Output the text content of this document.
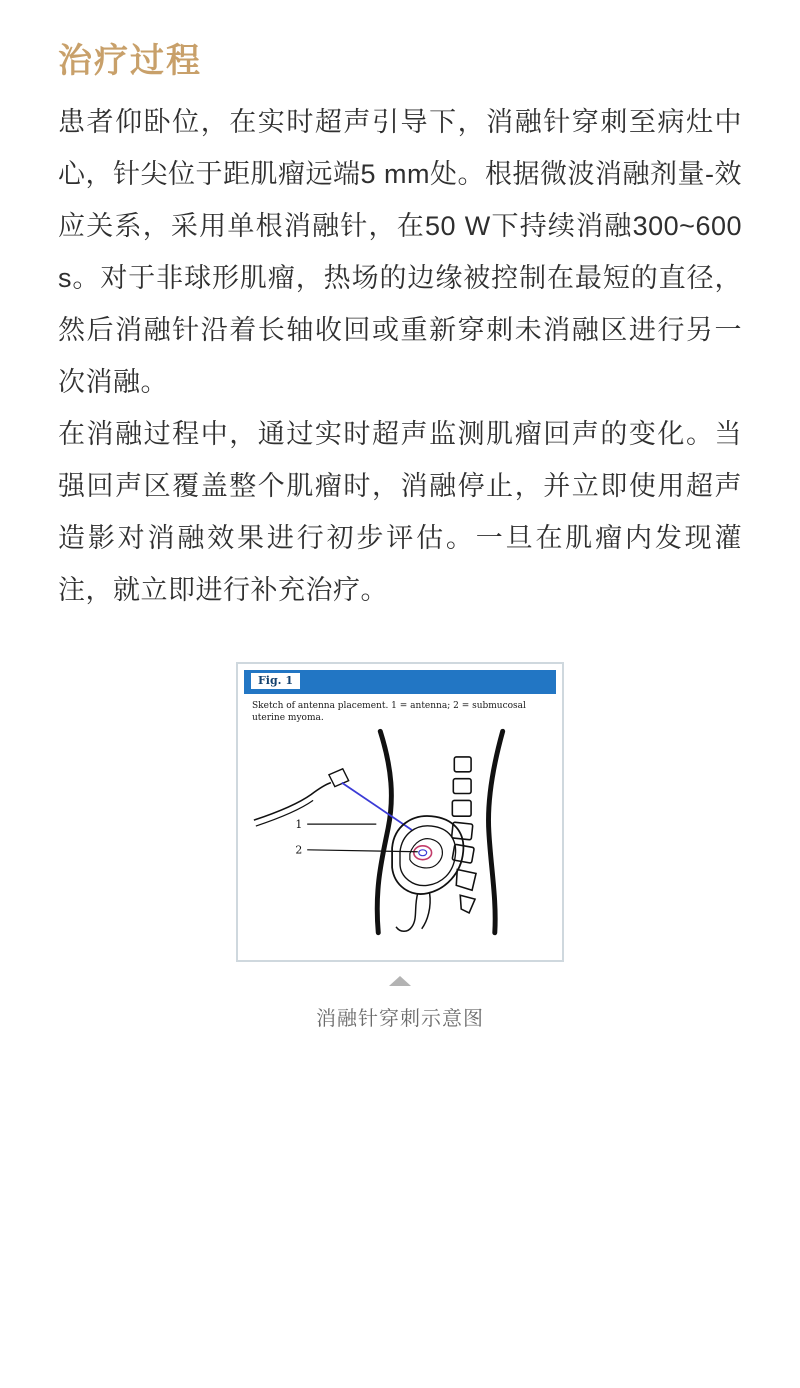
治疗过程

患者仰卧位，在实时超声引导下，消融针穿刺至病灶中心，针尖位于距肌瘤远端5 mm处。根据微波消融剂量-效应关系，采用单根消融针，在50 W下持续消融300~600 s。对于非球形肌瘤，热场的边缘被控制在最短的直径，然后消融针沿着长轴收回或重新穿刺未消融区进行另一次消融。

在消融过程中，通过实时超声监测肌瘤回声的变化。当强回声区覆盖整个肌瘤时，消融停止，并立即使用超声造影对消融效果进行初步评估。一旦在肌瘤内发现灌注，就立即进行补充治疗。

Fig. 1
Sketch of antenna placement. 1 = antenna; 2 = submucosal uterine myoma.
1
2
消融针穿刺示意图
